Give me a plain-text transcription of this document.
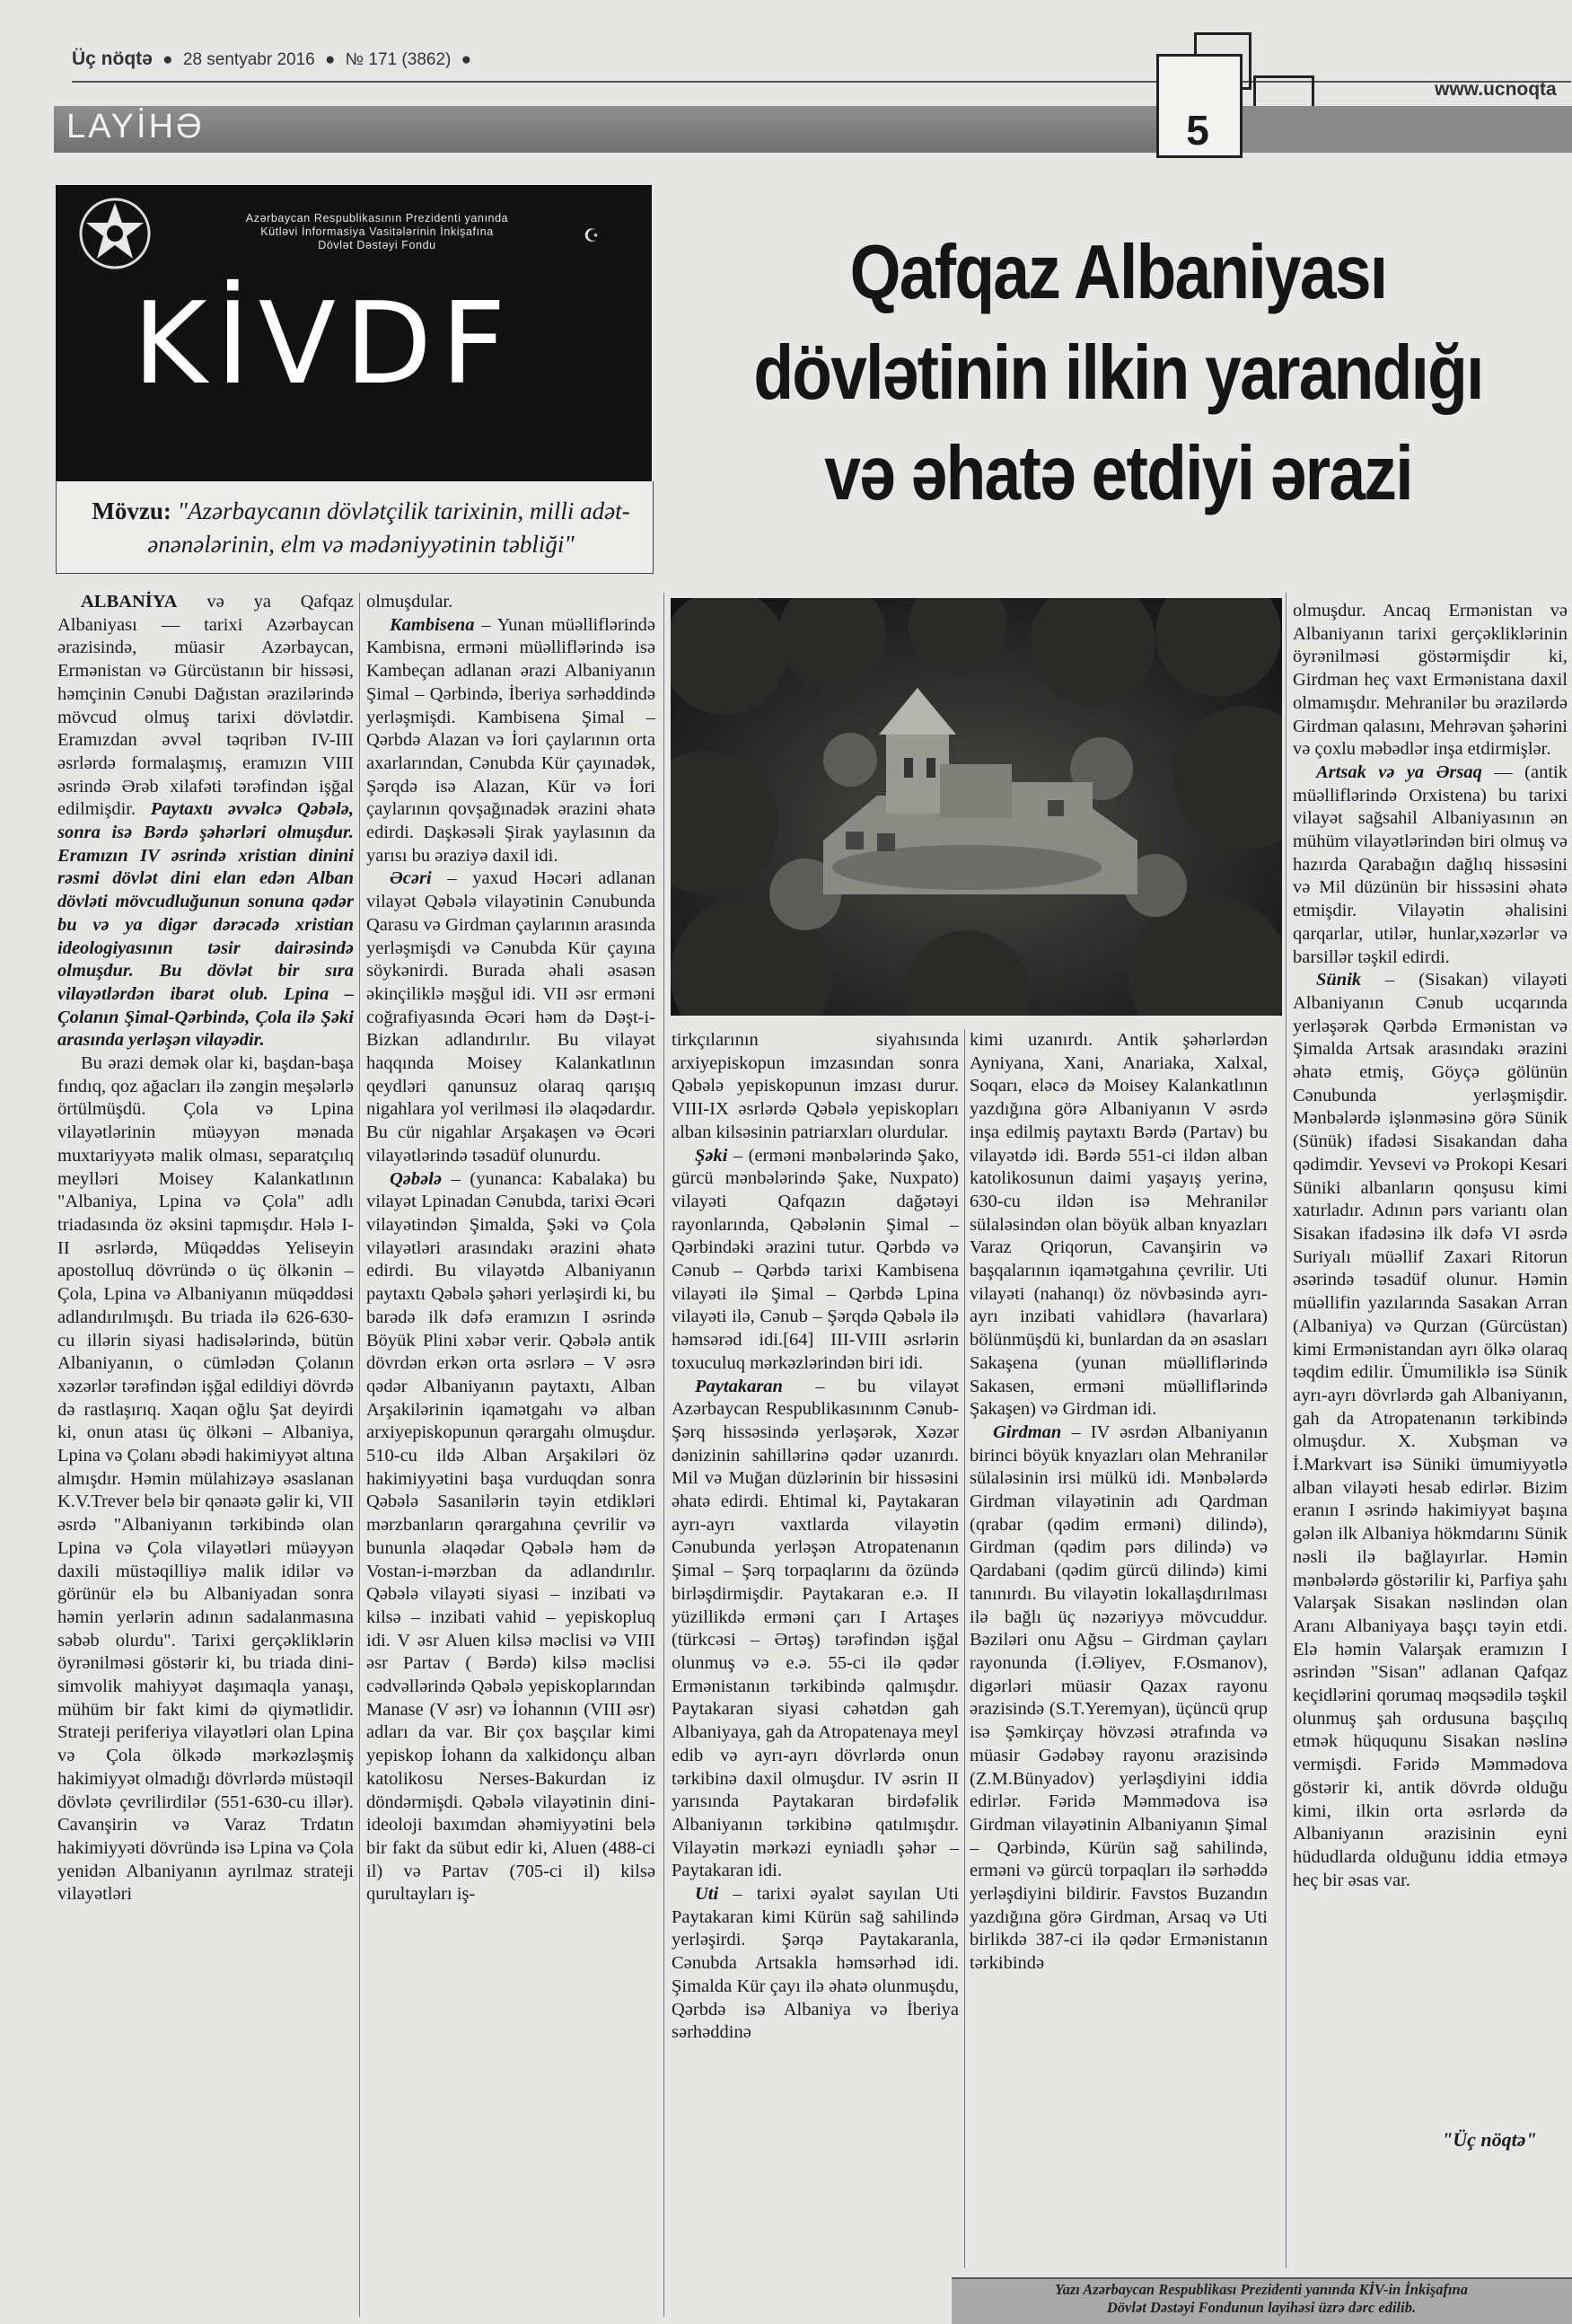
Üç nöqtə ● 28 sentyabr 2016 ● № 171 (3862) ●
www.ucnoqta
LAYİHƏ	5
Azərbaycan Respublikasının Prezidenti yanında
Kütləvi İnformasiya Vasitələrinin İnkişafına
Dövlət Dəstəyi Fondu	☪
KİVDF
Mövzu: "Azərbaycanın dövlətçilik tarixinin, milli adət-ənənələrinin, elm və mədəniyyətinin təbliği"
Qafqaz Albaniyası
dövlətinin ilkin yarandığı
və əhatə etdiyi ərazi

ALBANİYA və ya Qafqaz Albaniyası — tarixi Azərbaycan ərazisində, müasir Azərbaycan, Ermənistan və Gürcüstanın bir hissəsi, həmçinin Cənubi Dağıstan ərazilərində mövcud olmuş tarixi dövlətdir. Eramızdan əvvəl təqribən IV-III əsrlərdə formalaşmış, eramızın VIII əsrində Ərəb xilafəti tərəfindən işğal edilmişdir. Paytaxtı əvvəlcə Qəbələ, sonra isə Bərdə şəhərləri olmuşdur. Eramızın IV əsrində xristian dinini rəsmi dövlət dini elan edən Alban dövləti mövcudluğunun sonuna qədər bu və ya digər dərəcədə xristian ideologiyasının təsir dairəsində olmuşdur. Bu dövlət bir sıra vilayətlərdən ibarət olub. Lpina – Çolanın Şimal-Qərbində, Çola ilə Şəki arasında yerləşən vilayədir.

Bu ərazi demək olar ki, başdan-başa fındıq, qoz ağacları ilə zəngin meşələrlə örtülmüşdü. Çola və Lpina vilayətlərinin müəyyən mənada muxtariyyətə malik olması, separatçılıq meylləri Moisey Kalankatlının "Albaniya, Lpina və Çola" adlı triadasında öz əksini tapmışdır. Hələ I-II əsrlərdə, Müqəddəs Yeliseyin apostolluq dövründə o üç ölkənin – Çola, Lpina və Albaniyanın müqəddəsi adlandırılmışdı. Bu triada ilə 626-630-cu illərin siyasi hadisələrində, bütün Albaniyanın, o cümlədən Çolanın xəzərlər tərəfindən işğal edildiyi dövrdə də rastlaşırıq. Xaqan oğlu Şat deyirdi ki, onun atası üç ölkəni – Albaniya, Lpina və Çolanı əbədi hakimiyyət altına almışdır. Həmin mülahizəyə əsaslanan K.V.Trever belə bir qənaətə gəlir ki, VII əsrdə "Albaniyanın tərkibində olan Lpina və Çola vilayətləri müəyyən daxili müstəqilliyə malik idilər və görünür elə bu Albaniyadan sonra həmin yerlərin adının sadalanmasına səbəb olurdu". Tarixi gerçəkliklərin öyrənilməsi göstərir ki, bu triada dini-simvolik mahiyyət daşımaqla yanaşı, mühüm bir fakt kimi də qiymətlidir. Strateji periferiya vilayətləri olan Lpina və Çola ölkədə mərkəzləşmiş hakimiyyət olmadığı dövrlərdə müstəqil dövlətə çevrilirdilər (551-630-cu illər). Cavanşirin və Varaz Trdatın hakimiyyəti dövründə isə Lpina və Çola yenidən Albaniyanın ayrılmaz strateji vilayətləri

olmuşdular.

Kambisena – Yunan müəlliflərində Kambisna, erməni müəlliflərində isə Kambeçan adlanan ərazi Albaniyanın Şimal – Qərbində, İberiya sərhəddində yerləşmişdi. Kambisena Şimal – Qərbdə Alazan və İori çaylarının orta axarlarından, Cənubda Kür çayınadək, Şərqdə isə Alazan, Kür və İori çaylarının qovşağınadək ərazini əhatə edirdi. Daşkəsəli Şirak yaylasının da yarısı bu əraziyə daxil idi.

Əcəri – yaxud Həcəri adlanan vilayət Qəbələ vilayətinin Cənubunda Qarasu və Girdman çaylarının arasında yerləşmişdi və Cənubda Kür çayına söykənirdi. Burada əhali əsasən əkinçiliklə məşğul idi. VII əsr erməni coğrafiyasında Əcəri həm də Dəşt-i-Bizkan adlandırılır. Bu vilayət haqqında Moisey Kalankatlının qeydləri qanunsuz olaraq qarışıq nigahlara yol verilməsi ilə əlaqədardır. Bu cür nigahlar Arşakaşen və Əcəri vilayətlərində təsadüf olunurdu.

Qəbələ – (yunanca: Kabalaka) bu vilayət Lpinadan Cənubda, tarixi Əcəri vilayətindən Şimalda, Şəki və Çola vilayətləri arasındakı ərazini əhatə edirdi. Bu vilayətdə Albaniyanın paytaxtı Qəbələ şəhəri yerləşirdi ki, bu barədə ilk dəfə eramızın I əsrində Böyük Plini xəbər verir. Qəbələ antik dövrdən erkən orta əsrlərə – V əsrə qədər Albaniyanın paytaxtı, Alban Arşakilərinin iqamətgahı və alban arxiyepiskopunun qərargahı olmuşdur. 510-cu ildə Alban Arşakiləri öz hakimiyyətini başa vurduqdan sonra Qəbələ Sasanilərin təyin etdikləri mərzbanların qərargahına çevrilir və bununla əlaqədar Qəbələ həm də Vostan-i-mərzban da adlandırılır. Qəbələ vilayəti siyasi – inzibati və kilsə – inzibati vahid – yepiskopluq idi. V əsr Aluen kilsə məclisi və VIII əsr Partav ( Bərdə) kilsə məclisi cədvəllərində Qəbələ yepiskoplarından Manase (V əsr) və İohannın (VIII əsr) adları da var. Bir çox başçılar kimi yepiskop İohann da xalkidonçu alban katolikosu Nerses-Bakurdan iz döndərmişdi. Qəbələ vilayətinin dini-ideoloji baxımdan əhəmiyyətini belə bir fakt da sübut edir ki, Aluen (488-ci il) və Partav (705-ci il) kilsə qurultayları iş-

tirkçılarının siyahısında arxiyepiskopun imzasından sonra Qəbələ yepiskopunun imzası durur. VIII-IX əsrlərdə Qəbələ yepiskopları alban kilsəsinin patriarxları olurdular.

Şəki – (erməni mənbələrində Şako, gürcü mənbələrində Şake, Nuxpato) vilayəti Qafqazın dağətəyi rayonlarında, Qəbələnin Şimal – Qərbindəki ərazini tutur. Qərbdə və Cənub – Qərbdə tarixi Kambisena vilayəti ilə Şimal – Qərbdə Lpina vilayəti ilə, Cənub – Şərqdə Qəbələ ilə həmsərəd idi.[64] III-VIII əsrlərin toxuculuq mərkəzlərindən biri idi.

Paytakaran – bu vilayət Azərbaycan Respublikasınınm Cənub-Şərq hissəsində yerləşərək, Xəzər dənizinin sahillərinə qədər uzanırdı. Mil və Muğan düzlərinin bir hissəsini əhatə edirdi. Ehtimal ki, Paytakaran ayrı-ayrı vaxtlarda vilayətin Cənubunda yerləşən Atropatenanın Şimal – Şərq torpaqlarını da özündə birləşdirmişdir. Paytakaran e.ə. II yüzillikdə erməni çarı I Artaşes (türkcəsi – Ərtəş) tərəfindən işğal olunmuş və e.ə. 55-ci ilə qədər Ermənistanın tərkibində qalmışdır. Paytakaran siyasi cəhətdən gah Albaniyaya, gah da Atropatenaya meyl edib və ayrı-ayrı dövrlərdə onun tərkibinə daxil olmuşdur. IV əsrin II yarısında Paytakaran birdəfəlik Albaniyanın tərkibinə qatılmışdır. Vilayətin mərkəzi eyniadlı şəhər – Paytakaran idi.

Uti – tarixi əyalət sayılan Uti Paytakaran kimi Kürün sağ sahilində yerləşirdi. Şərqə Paytakaranla, Cənubda Artsakla həmsərhəd idi. Şimalda Kür çayı ilə əhatə olunmuşdu, Qərbdə isə Albaniya və İberiya sərhəddinə

kimi uzanırdı. Antik şəhərlərdən Ayniyana, Xani, Anariaka, Xalxal, Soqarı, eləcə də Moisey Kalankatlının yazdığına görə Albaniyanın V əsrdə inşa edilmiş paytaxtı Bərdə (Partav) bu vilayətdə idi. Bərdə 551-ci ildən alban katolikosunun daimi yaşayış yerinə, 630-cu ildən isə Mehranilər sülaləsindən olan böyük alban knyazları Varaz Qriqorun, Cavanşirin və başqalarının iqamətgahına çevrilir. Uti vilayəti (nahanqı) öz növbəsində ayrı-ayrı inzibati vahidlərə (havarlara) bölünmüşdü ki, bunlardan da ən əsasları Sakaşena (yunan müəlliflərində Sakasen, erməni müəlliflərində Şakaşen) və Girdman idi.

Girdman – IV əsrdən Albaniyanın birinci böyük knyazları olan Mehranilər sülaləsinin irsi mülkü idi. Mənbələrdə Girdman vilayətinin adı Qardman (qrabar (qədim erməni) dilində), Girdman (qədim pərs dilində) və Qardabani (qədim gürcü dilində) kimi tanınırdı. Bu vilayətin lokallaşdırılması ilə bağlı üç nəzəriyyə mövcuddur. Bəziləri onu Ağsu – Girdman çayları rayonunda (İ.Əliyev, F.Osmanov), digərləri müasir Qazax rayonu ərazisində (S.T.Yeremyan), üçüncü qrup isə Şəmkirçay hövzəsi ətrafında və müasir Gədəbəy rayonu ərazisində (Z.M.Bünyadov) yerləşdiyini iddia edirlər. Fəridə Məmmədova isə Girdman vilayətinin Albaniyanın Şimal – Qərbində, Kürün sağ sahilində, erməni və gürcü torpaqları ilə sərhəddə yerləşdiyini bildirir. Favstos Buzandın yazdığına görə Girdman, Arsaq və Uti birlikdə 387-ci ilə qədər Ermənistanın tərkibində

olmuşdur. Ancaq Ermənistan və Albaniyanın tarixi gerçəkliklərinin öyrənilməsi göstərmişdir ki, Girdman heç vaxt Ermənistana daxil olmamışdır. Mehranilər bu ərazilərdə Girdman qalasını, Mehrəvan şəhərini və çoxlu məbədlər inşa etdirmişlər.

Artsak və ya Ərsaq — (antik müəlliflərində Orxistena) bu tarixi vilayət sağsahil Albaniyasının ən mühüm vilayətlərindən biri olmuş və hazırda Qarabağın dağlıq hissəsini və Mil düzünün bir hissəsini əhatə etmişdir. Vilayətin əhalisini qarqarlar, utilər, hunlar,xəzərlər və barsillər təşkil edirdi.

Sünik – (Sisakan) vilayəti Albaniyanın Cənub ucqarında yerləşərək Qərbdə Ermənistan və Şimalda Artsak arasındakı ərazini əhatə etmiş, Göyçə gölünün Cənubunda yerləşmişdir. Mənbələrdə işlənməsinə görə Sünik (Sünük) ifadəsi Sisakandan daha qədimdir. Yevsevi və Prokopi Kesari Süniki albanların qonşusu kimi xatırladır. Adının pərs variantı olan Sisakan ifadəsinə ilk dəfə VI əsrdə Suriyalı müəllif Zaxari Ritorun əsərində təsadüf olunur. Həmin müəllifin yazılarında Sasakan Arran (Albaniya) və Qurzan (Gürcüstan) kimi Ermənistandan ayrı ölkə olaraq təqdim edilir. Ümumiliklə isə Sünik ayrı-ayrı dövrlərdə gah Albaniyanın, gah da Atropatenanın tərkibində olmuşdur. X. Xubşman və İ.Markvart isə Süniki ümumiyyətlə alban vilayəti hesab edirlər. Bizim eranın I əsrində hakimiyyət başına gələn ilk Albaniya hökmdarını Sünik nəsli ilə bağlayırlar. Həmin mənbələrdə göstərilir ki, Parfiya şahı Valarşak Sisakan nəslindən olan Aranı Albaniyaya başçı təyin etdi. Elə həmin Valarşak eramızın I əsrindən "Sisan" adlanan Qafqaz keçidlərini qorumaq məqsədilə təşkil olunmuş şah ordusuna başçılıq etmək hüququnu Sisakan nəslinə vermişdi. Fəridə Məmmədova göstərir ki, antik dövrdə olduğu kimi, ilkin orta əsrlərdə də Albaniyanın ərazisinin eyni hüdudlarda olduğunu iddia etməyə heç bir əsas var.

"Üç nöqtə"
Yazı Azərbaycan Respublikası Prezidenti yanında KİV-in İnkişafına
Dövlət Dəstəyi Fondunun layihəsi üzrə dərc edilib.
